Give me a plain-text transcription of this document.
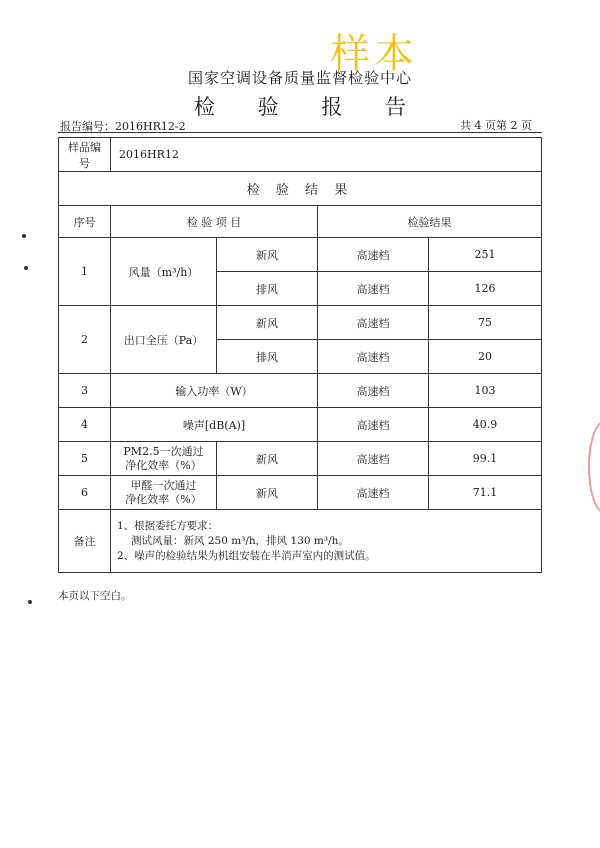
样本
国家空调设备质量监督检验中心
检 验 报 告
报告编号：2016HR12-2	共 4 页第 2 页
样品编号	2016HR12			
检 验 结 果				
序号	检 验 项 目		检验结果	
1	风量（m³/h）	新风	高速档	251
		排风	高速档	126
2	出口全压（Pa）	新风	高速档	75
		排风	高速档	20
3	输入功率（W）		高速档	103
4	噪声[dB(A)]		高速档	40.9
5	PM2.5一次通过
净化效率（%）	新风	高速档	99.1
6	甲醛一次通过
净化效率（%）	新风	高速档	71.1
备注	1、根据委托方要求：
测试风量：新风 250 m³/h，排风 130 m³/h。
2、噪声的检验结果为机组安装在半消声室内的测试值。			
本页以下空白。
